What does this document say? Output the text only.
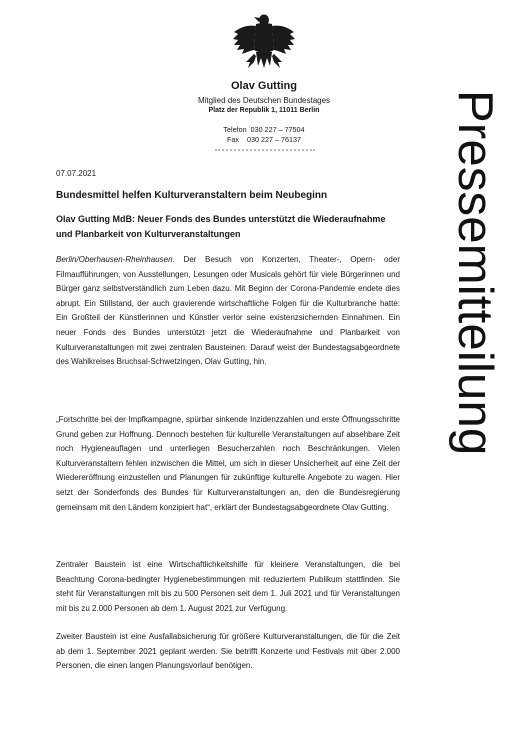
Olav Gutting
Mitglied des Deutschen Bundestages
Platz der Republik 1, 11011 Berlin
Telefon  030 227 – 77504
Fax    030 227 – 76137	Pressemitteilung
07.07.2021
Bundesmittel helfen Kulturveranstaltern beim Neubeginn
Olav Gutting MdB: Neuer Fonds des Bundes unterstützt die Wiederaufnahme und Planbarkeit von Kulturveranstaltungen

Berlin/Oberhausen-Rheinhausen. Der Besuch von Konzerten, Theater-, Opern- oder Filmaufführungen, von Ausstellungen, Lesungen oder Musicals gehört für viele Bürgerinnen und Bürger ganz selbstverständlich zum Leben dazu. Mit Beginn der Corona-Pandemie endete dies abrupt. Ein Stillstand, der auch gravierende wirtschaftliche Folgen für die Kulturbranche hatte: Ein Großteil der Künstlerinnen und Künstler verlor seine existenzsichernden Einnahmen. Ein neuer Fonds des Bundes unterstützt jetzt die Wiederaufnahme und Planbarkeit von Kulturveranstaltungen mit zwei zentralen Bausteinen. Darauf weist der Bundestagsabgeordnete des Wahlkreises Bruchsal-Schwetzingen, Olav Gutting, hin.

„Fortschritte bei der Impfkampagne, spürbar sinkende Inzidenzzahlen und erste Öffnungsschritte Grund geben zur Hoffnung. Dennoch bestehen für kulturelle Veranstaltungen auf absehbare Zeit noch Hygieneauflagen und unterliegen Besucherzahlen noch Beschränkungen. Vielen Kulturveranstaltern fehlen inzwischen die Mittel, um sich in dieser Unsicherheit auf eine Zeit der Wiedereröffnung einzustellen und Planungen für zukünftige kulturelle Angebote zu wagen. Hier setzt der Sonderfonds des Bundes für Kulturveranstaltungen an, den die Bundesregierung gemeinsam mit den Ländern konzipiert hat“, erklärt der Bundestagsabgeordnete Olav Gutting.

Zentraler Baustein ist eine Wirtschaftlichkeitshilfe für kleinere Veranstaltungen, die bei Beachtung Corona-bedingter Hygienebestimmungen mit reduziertem Publikum stattfinden. Sie steht für Veranstaltungen mit bis zu 500 Personen seit dem 1. Juli 2021 und für Veranstaltungen mit bis zu 2.000 Personen ab dem 1. August 2021 zur Verfügung.

Zweiter Baustein ist eine Ausfallabsicherung für größere Kulturveranstaltungen, die für die Zeit ab dem 1. September 2021 geplant werden. Sie betrifft Konzerte und Festivals mit über 2.000 Personen, die einen langen Planungsvorlauf benötigen.
